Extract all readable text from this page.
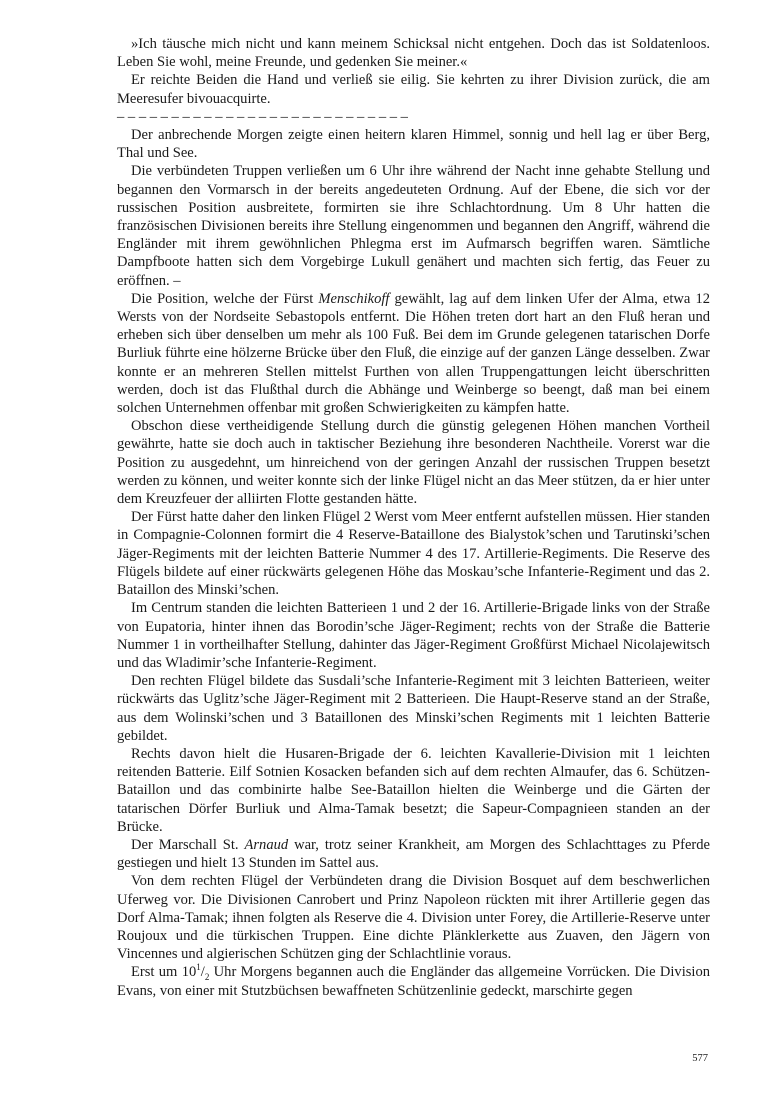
»Ich täusche mich nicht und kann meinem Schicksal nicht entgehen. Doch das ist Soldatenloos. Leben Sie wohl, meine Freunde, und gedenken Sie meiner.«

Er reichte Beiden die Hand und verließ sie eilig. Sie kehrten zu ihrer Division zurück, die am Meeresufer bivouacquirte.

– – – – – – – – – – – – – – – – – – – – – – – – – – –

Der anbrechende Morgen zeigte einen heitern klaren Himmel, sonnig und hell lag er über Berg, Thal und See.

Die verbündeten Truppen verließen um 6 Uhr ihre während der Nacht inne gehabte Stellung und begannen den Vormarsch in der bereits angedeuteten Ordnung. Auf der Ebene, die sich vor der russischen Position ausbreitete, formirten sie ihre Schlachtordnung. Um 8 Uhr hatten die französischen Divisionen bereits ihre Stellung eingenommen und begannen den Angriff, während die Engländer mit ihrem gewöhnlichen Phlegma erst im Aufmarsch begriffen waren. Sämtliche Dampfboote hatten sich dem Vorgebirge Lukull genähert und machten sich fertig, das Feuer zu eröffnen. –

Die Position, welche der Fürst Menschikoff gewählt, lag auf dem linken Ufer der Alma, etwa 12 Wersts von der Nordseite Sebastopols entfernt. Die Höhen treten dort hart an den Fluß heran und erheben sich über denselben um mehr als 100 Fuß. Bei dem im Grunde gelegenen tatarischen Dorfe Burliuk führte eine hölzerne Brücke über den Fluß, die einzige auf der ganzen Länge desselben. Zwar konnte er an mehreren Stellen mittelst Furthen von allen Truppengattungen leicht überschritten werden, doch ist das Flußthal durch die Abhänge und Weinberge so beengt, daß man bei einem solchen Unternehmen offenbar mit großen Schwierigkeiten zu kämpfen hatte.

Obschon diese vertheidigende Stellung durch die günstig gelegenen Höhen manchen Vortheil gewährte, hatte sie doch auch in taktischer Beziehung ihre besonderen Nachtheile. Vorerst war die Position zu ausgedehnt, um hinreichend von der geringen Anzahl der russischen Truppen besetzt werden zu können, und weiter konnte sich der linke Flügel nicht an das Meer stützen, da er hier unter dem Kreuzfeuer der alliirten Flotte gestanden hätte.

Der Fürst hatte daher den linken Flügel 2 Werst vom Meer entfernt aufstellen müssen. Hier standen in Compagnie-Colonnen formirt die 4 Reserve-Bataillone des Bialystok’schen und Tarutinski’schen Jäger-Regiments mit der leichten Batterie Nummer 4 des 17. Artillerie-Regiments. Die Reserve des Flügels bildete auf einer rückwärts gelegenen Höhe das Moskau’sche Infanterie-Regiment und das 2. Bataillon des Minski’schen.

Im Centrum standen die leichten Batterieen 1 und 2 der 16. Artillerie-Brigade links von der Straße von Eupatoria, hinter ihnen das Borodin’sche Jäger-Regiment; rechts von der Straße die Batterie Nummer 1 in vortheilhafter Stellung, dahinter das Jäger-Regiment Großfürst Michael Nicolajewitsch und das Wladimir’sche Infanterie-Regiment.

Den rechten Flügel bildete das Susdali’sche Infanterie-Regiment mit 3 leichten Batterieen, weiter rückwärts das Uglitz’sche Jäger-Regiment mit 2 Batterieen. Die Haupt-Reserve stand an der Straße, aus dem Wolinski’schen und 3 Bataillonen des Minski’schen Regiments mit 1 leichten Batterie gebildet.

Rechts davon hielt die Husaren-Brigade der 6. leichten Kavallerie-Division mit 1 leichten reitenden Batterie. Eilf Sotnien Kosacken befanden sich auf dem rechten Almaufer, das 6. Schützen-Bataillon und das combinirte halbe See-Bataillon hielten die Weinberge und die Gärten der tatarischen Dörfer Burliuk und Alma-Tamak besetzt; die Sapeur-Compagnieen standen an der Brücke.

Der Marschall St. Arnaud war, trotz seiner Krankheit, am Morgen des Schlachttages zu Pferde gestiegen und hielt 13 Stunden im Sattel aus.

Von dem rechten Flügel der Verbündeten drang die Division Bosquet auf dem beschwerlichen Uferweg vor. Die Divisionen Canrobert und Prinz Napoleon rückten mit ihrer Artillerie gegen das Dorf Alma-Tamak; ihnen folgten als Reserve die 4. Division unter Forey, die Artillerie-Reserve unter Roujoux und die türkischen Truppen. Eine dichte Plänklerkette aus Zuaven, den Jägern von Vincennes und algierischen Schützen ging der Schlachtlinie voraus.

Erst um $10^1/_2$ Uhr Morgens begannen auch die Engländer das allgemeine Vorrücken. Die Division Evans, von einer mit Stutzbüchsen bewaffneten Schützenlinie gedeckt, marschirte gegen

577
